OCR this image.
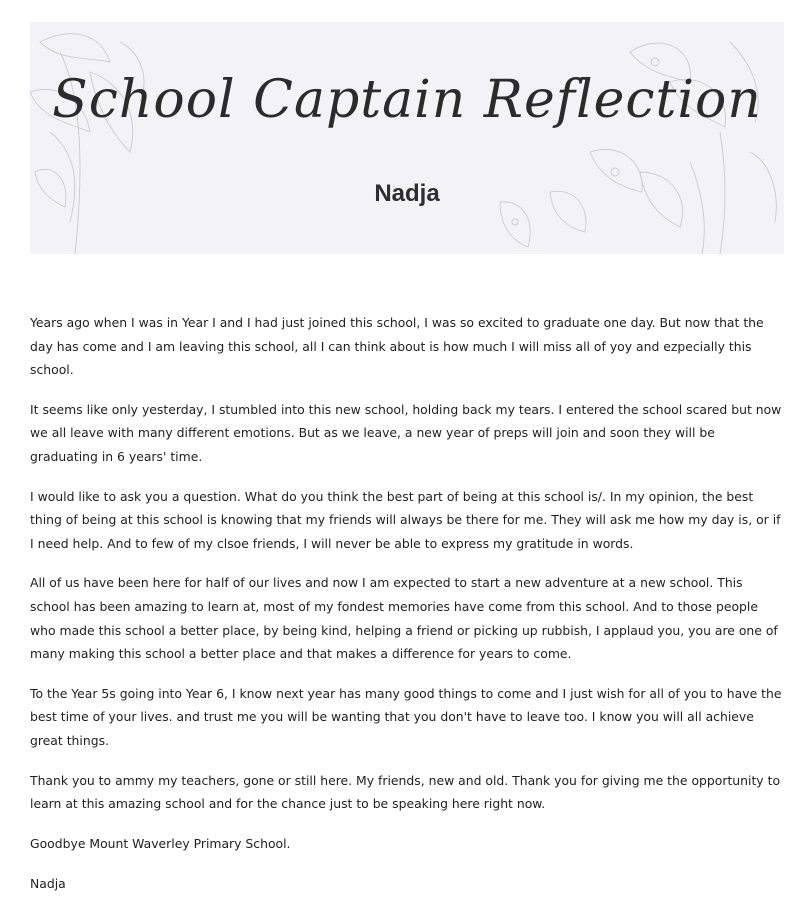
School Captain Reflection
Nadja

Years ago when I was in Year I and I had just joined this school, I was so excited to graduate one day. But now that the day has come and I am leaving this school, all I can think about is how much I will miss all of yoy and ezpecially this school.

It seems like only yesterday, I stumbled into this new school, holding back my tears. I entered the school scared but now we all leave with many different emotions. But as we leave, a new year of preps will join and soon they will be graduating in 6 years' time.

I would like to ask you a question. What do you think the best part of being at this school is/. In my opinion, the best thing of being at this school is knowing that my friends will always be there for me. They will ask me how my day is, or if I need help. And to few of my clsoe friends, I will never be able to express my gratitude in words.

All of us have been here for half of our lives and now I am expected to start a new adventure at a new school. This school has been amazing to learn at, most of my fondest memories have come from this school. And to those people who made this school a better place, by being kind, helping a friend or picking up rubbish, I applaud you, you are one of many making this school a better place and that makes a difference for years to come.

To the Year 5s going into Year 6, I know next year has many good things to come and I just wish for all of you to have the best time of your lives. and trust me you will be wanting that you don't have to leave too. I know you will all achieve great things.

Thank you to ammy my teachers, gone or still here. My friends, new and old. Thank you for giving me the opportunity to learn at this amazing school and for the chance just to be speaking here right now.

Goodbye Mount Waverley Primary School.

Nadja
